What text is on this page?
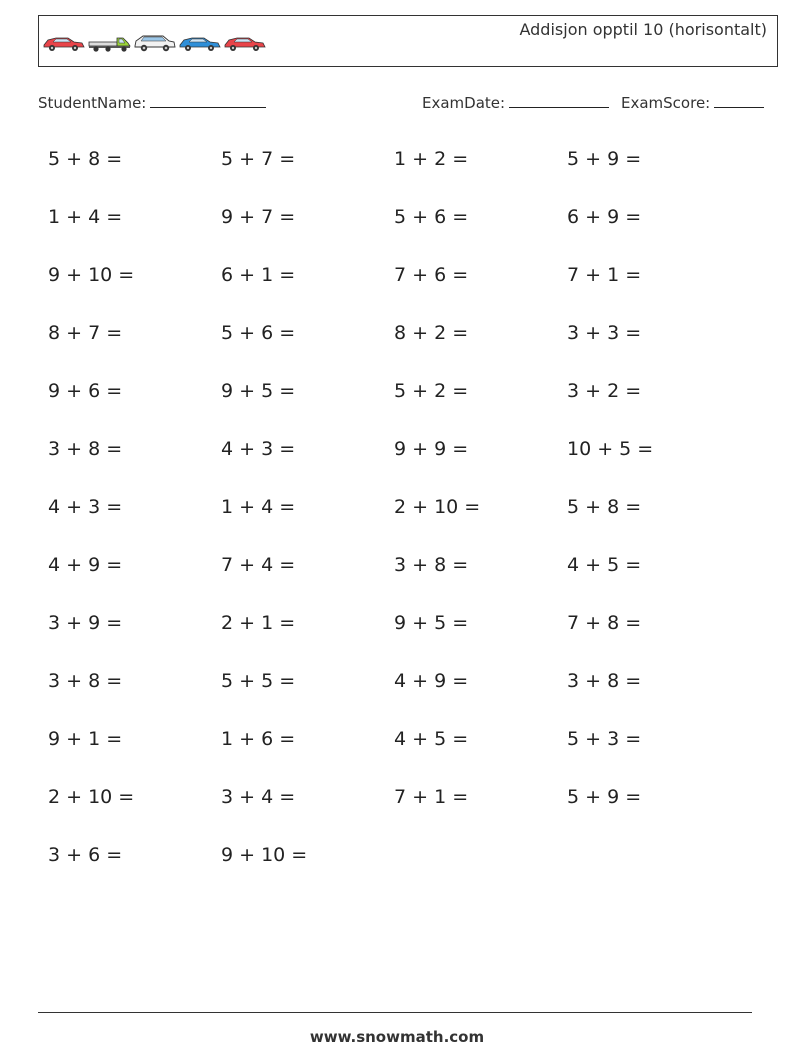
Addisjon opptil 10 (horisontalt)
StudentName:	ExamDate:	ExamScore:
5 + 8 =	5 + 7 =	1 + 2 =	5 + 9 =
1 + 4 =	9 + 7 =	5 + 6 =	6 + 9 =
9 + 10 =	6 + 1 =	7 + 6 =	7 + 1 =
8 + 7 =	5 + 6 =	8 + 2 =	3 + 3 =
9 + 6 =	9 + 5 =	5 + 2 =	3 + 2 =
3 + 8 =	4 + 3 =	9 + 9 =	10 + 5 =
4 + 3 =	1 + 4 =	2 + 10 =	5 + 8 =
4 + 9 =	7 + 4 =	3 + 8 =	4 + 5 =
3 + 9 =	2 + 1 =	9 + 5 =	7 + 8 =
3 + 8 =	5 + 5 =	4 + 9 =	3 + 8 =
9 + 1 =	1 + 6 =	4 + 5 =	5 + 3 =
2 + 10 =	3 + 4 =	7 + 1 =	5 + 9 =
3 + 6 =	9 + 10 =
www.snowmath.com
